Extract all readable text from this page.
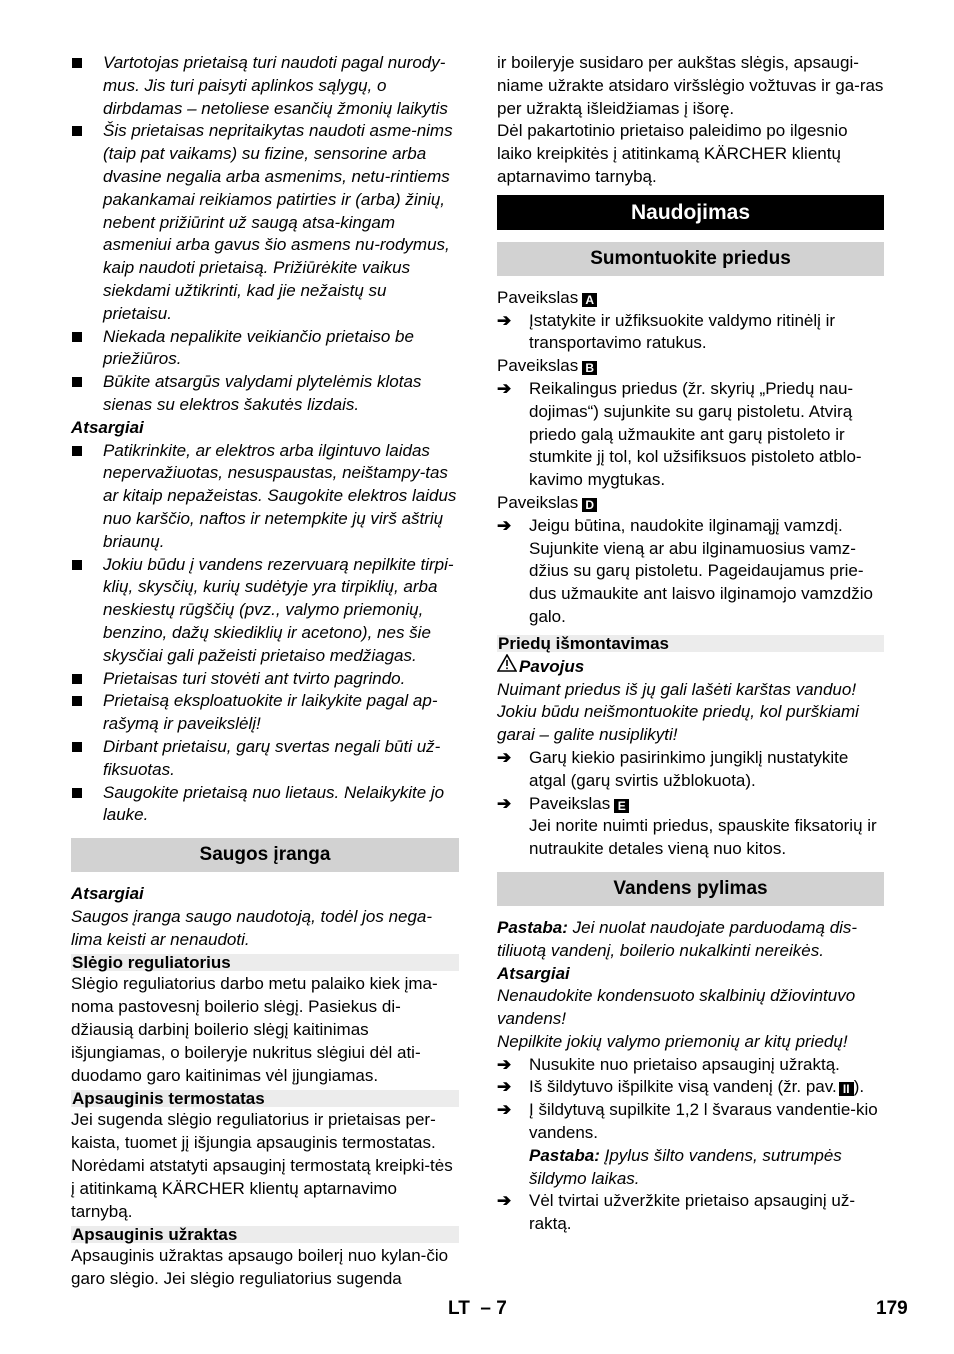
Vartotojas prietaisą turi naudoti pagal nurody-mus. Jis turi paisyti aplinkos sąlygų, o dirbdamas – netoliese esančių žmonių laikytis
Šis prietaisas nepritaikytas naudoti asme-nims (taip pat vaikams) su fizine, sensorine arba dvasine negalia arba asmenims, netu-rintiems pakankamai reikiamos patirties ir (arba) žinių, nebent prižiūrint už saugą atsa-kingam asmeniui arba gavus šio asmens nu-rodymus, kaip naudoti prietaisą. Prižiūrėkite vaikus siekdami užtikrinti, kad jie nežaistų su prietaisu.
Niekada nepalikite veikiančio prietaiso be priežiūros.
Būkite atsargūs valydami plytelėmis klotas sienas su elektros šakutės lizdais.

Atsargiai

Patikrinkite, ar elektros arba ilgintuvo laidas nepervažiuotas, nesuspaustas, neištampy-tas ar kitaip nepažeistas. Saugokite elektros laidus nuo karščio, naftos ir netempkite jų virš aštrių briaunų.
Jokiu būdu į vandens rezervuarą nepilkite tirpi-klių, skysčių, kurių sudėtyje yra tirpiklių, arba neskiestų rūgščių (pvz., valymo priemonių, benzino, dažų skiediklių ir acetono), nes šie skysčiai gali pažeisti prietaiso medžiagas.
Prietaisas turi stovėti ant tvirto pagrindo.
Prietaisą eksploatuokite ir laikykite pagal ap-rašymą ir paveikslėlį!
Dirbant prietaisu, garų svertas negali būti už-fiksuotas.
Saugokite prietaisą nuo lietaus. Nelaikykite jo lauke.
Saugos įranga

Atsargiai

Saugos įranga saugo naudotoją, todėl jos nega-lima keisti ar nenaudoti.

Slėgio reguliatorius

Slėgio reguliatorius darbo metu palaiko kiek įma-noma pastovesnį boilerio slėgį. Pasiekus di-džiausią darbinį boilerio slėgį kaitinimas išjungiamas, o boileryje nukritus slėgiui dėl ati-duodamo garo kaitinimas vėl įjungiamas.

Apsauginis termostatas

Jei sugenda slėgio reguliatorius ir prietaisas per-kaista, tuomet jį išjungia apsauginis termostatas. Norėdami atstatyti apsauginį termostatą kreipki-tės į atitinkamą KÄRCHER klientų aptarnavimo tarnybą.

Apsauginis užraktas

Apsauginis užraktas apsaugo boilerį nuo kylan-čio garo slėgio. Jei slėgio reguliatorius sugenda

ir boileryje susidaro per aukštas slėgis, apsaugi-niame užrakte atsidaro viršslėgio vožtuvas ir ga-ras per užraktą išleidžiamas į išorę.

Dėl pakartotinio prietaiso paleidimo po ilgesnio laiko kreipkitės į atitinkamą KÄRCHER klientų aptarnavimo tarnybą.

Naudojimas
Sumontuokite priedus

Paveikslas A

➔ Įstatykite ir užfiksuokite valdymo ritinėlį ir transportavimo ratukus.

Paveikslas B

➔ Reikalingus priedus (žr. skyrių „Priedų nau-dojimas“) sujunkite su garų pistoletu. Atvirą priedo galą užmaukite ant garų pistoleto ir stumkite jį tol, kol užsifiksuos pistoleto atblo-kavimo mygtukas.

Paveikslas D

➔ Jeigu būtina, naudokite ilginamąjį vamzdį. Sujunkite vieną ar abu ilginamuosius vamz-džius su garų pistoletu. Pageidaujamus prie-dus užmaukite ant laisvo ilginamojo vamzdžio galo.
Priedų išmontavimas

Pavojus

Nuimant priedus iš jų gali lašėti karštas vanduo! Jokiu būdu neišmontuokite priedų, kol purškiami garai – galite nusiplikyti!

➔ Garų kiekio pasirinkimo jungiklį nustatykite atgal (garų svirtis užblokuota).
➔ Paveikslas E
Jei norite nuimti priedus, spauskite fiksatorių ir nutraukite detales vieną nuo kitos.
Vandens pylimas

Pastaba: Jei nuolat naudojate parduodamą dis-tiliuotą vandenį, boilerio nukalkinti nereikės.

Atsargiai

Nenaudokite kondensuoto skalbinių džiovintuvo vandens!

Nepilkite jokių valymo priemonių ar kitų priedų!

➔ Nusukite nuo prietaiso apsauginį užraktą.
➔ Iš šildytuvo išpilkite visą vandenį (žr. pav. II ).
➔ Į šildytuvą supilkite 1,2 l švaraus vandentie-kio vandens.
Pastaba: Įpylus šilto vandens, sutrumpės šildymo laikas.
➔ Vėl tvirtai užveržkite prietaiso apsauginį už-raktą.
LT – 7	179
